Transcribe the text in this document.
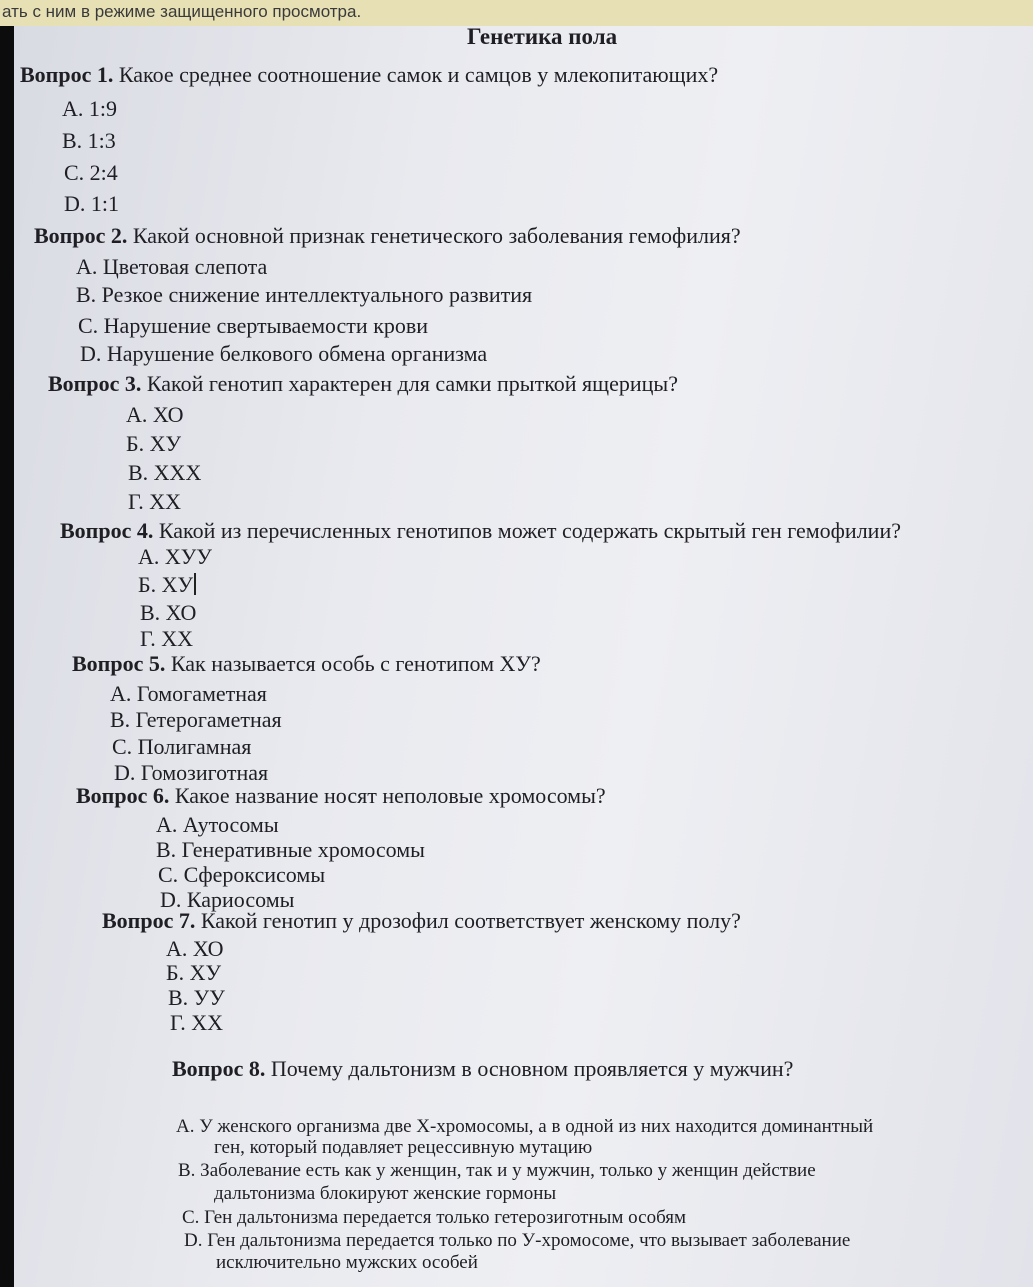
ать с ним в режиме защищенного просмотра.
Генетика пола
Вопрос 1. Какое среднее соотношение самок и самцов у млекопитающих?
A. 1:9
B. 1:3
C. 2:4
D. 1:1
Вопрос 2. Какой основной признак генетического заболевания гемофилия?
A. Цветовая слепота
B. Резкое снижение интеллектуального развития
C. Нарушение свертываемости крови
D. Нарушение белкового обмена организма
Вопрос 3. Какой генотип характерен для самки прыткой ящерицы?
А. ХО
Б. ХУ
В. ХХХ
Г. ХХ
Вопрос 4. Какой из перечисленных генотипов может содержать скрытый ген гемофилии?
А. ХУУ
Б. ХУ
В. ХО
Г. ХХ
Вопрос 5. Как называется особь с генотипом ХУ?
A. Гомогаметная
B. Гетерогаметная
C. Полигамная
D. Гомозиготная
Вопрос 6. Какое название носят неполовые хромосомы?
A. Аутосомы
B. Генеративные хромосомы
C. Сфероксисомы
D. Кариосомы
Вопрос 7. Какой генотип у дрозофил соответствует женскому полу?
А. ХО
Б. ХУ
В. УУ
Г. ХХ
Вопрос 8. Почему дальтонизм в основном проявляется у мужчин?
A. У женского организма две Х-хромосомы, а в одной из них находится доминантный
ген, который подавляет рецессивную мутацию
B. Заболевание есть как у женщин, так и у мужчин, только у женщин действие
дальтонизма блокируют женские гормоны
C. Ген дальтонизма передается только гетерозиготным особям
D. Ген дальтонизма передается только по У-хромосоме, что вызывает заболевание
исключительно мужских особей
